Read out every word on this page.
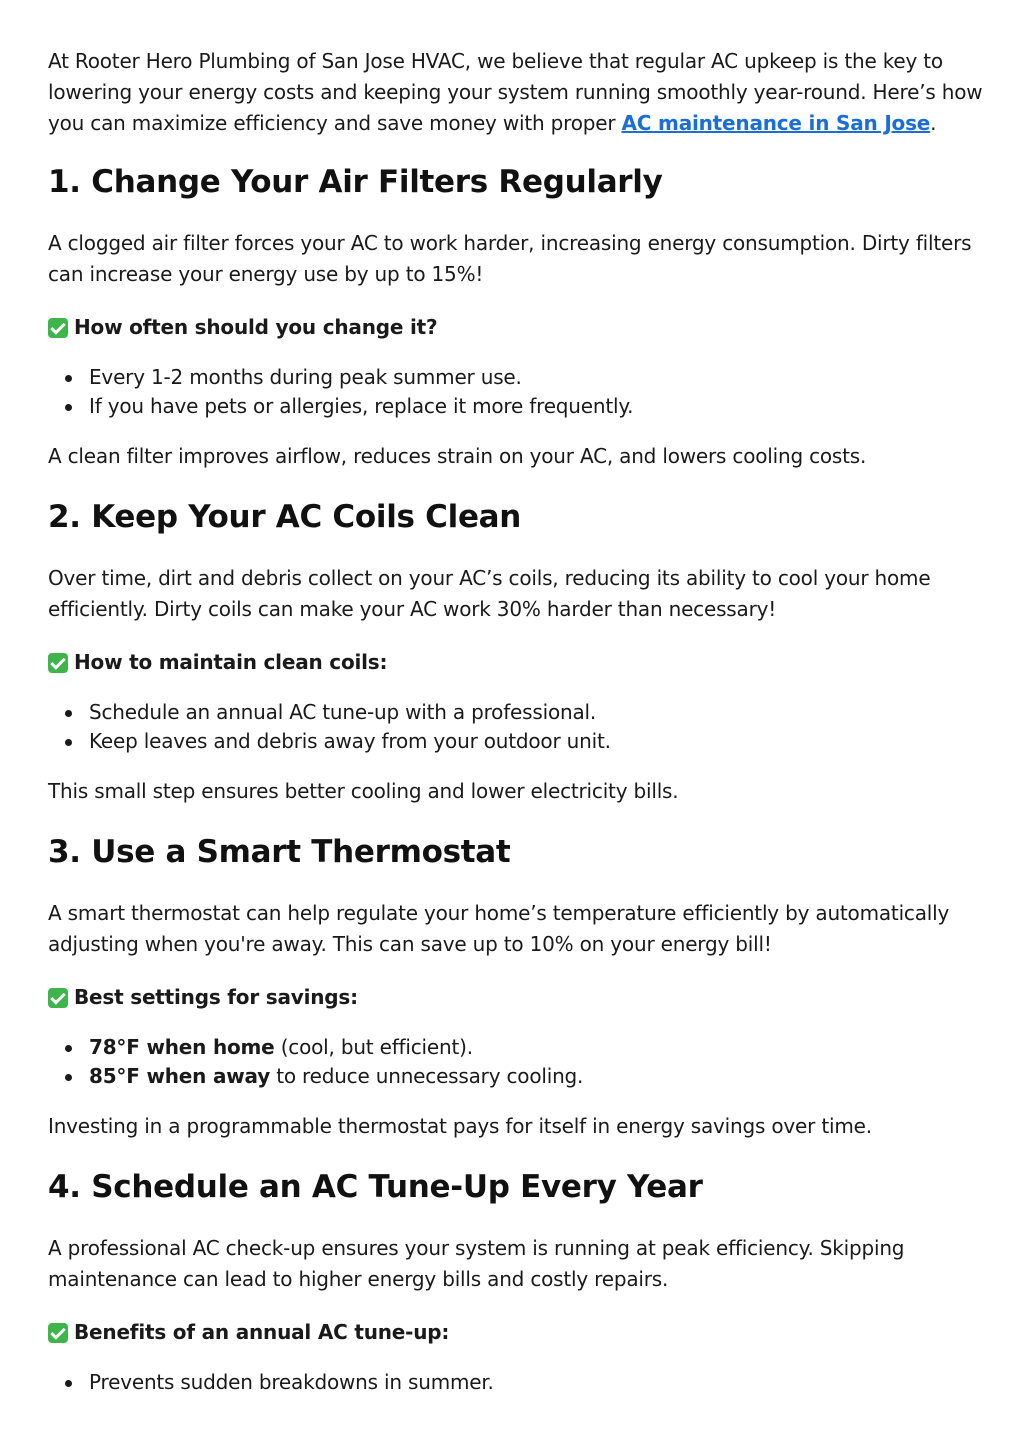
At Rooter Hero Plumbing of San Jose HVAC, we believe that regular AC upkeep is the key to lowering your energy costs and keeping your system running smoothly year-round. Here’s how you can maximize efficiency and save money with proper AC maintenance in San Jose.

1. Change Your Air Filters Regularly

A clogged air filter forces your AC to work harder, increasing energy consumption. Dirty filters can increase your energy use by up to 15%!

How often should you change it?
Every 1-2 months during peak summer use.
If you have pets or allergies, replace it more frequently.

A clean filter improves airflow, reduces strain on your AC, and lowers cooling costs.

2. Keep Your AC Coils Clean

Over time, dirt and debris collect on your AC’s coils, reducing its ability to cool your home efficiently. Dirty coils can make your AC work 30% harder than necessary!

How to maintain clean coils:
Schedule an annual AC tune-up with a professional.
Keep leaves and debris away from your outdoor unit.

This small step ensures better cooling and lower electricity bills.

3. Use a Smart Thermostat

A smart thermostat can help regulate your home’s temperature efficiently by automatically adjusting when you're away. This can save up to 10% on your energy bill!

Best settings for savings:
78°F when home (cool, but efficient).
85°F when away to reduce unnecessary cooling.

Investing in a programmable thermostat pays for itself in energy savings over time.

4. Schedule an AC Tune-Up Every Year

A professional AC check-up ensures your system is running at peak efficiency. Skipping maintenance can lead to higher energy bills and costly repairs.

Benefits of an annual AC tune-up:
Prevents sudden breakdowns in summer.
